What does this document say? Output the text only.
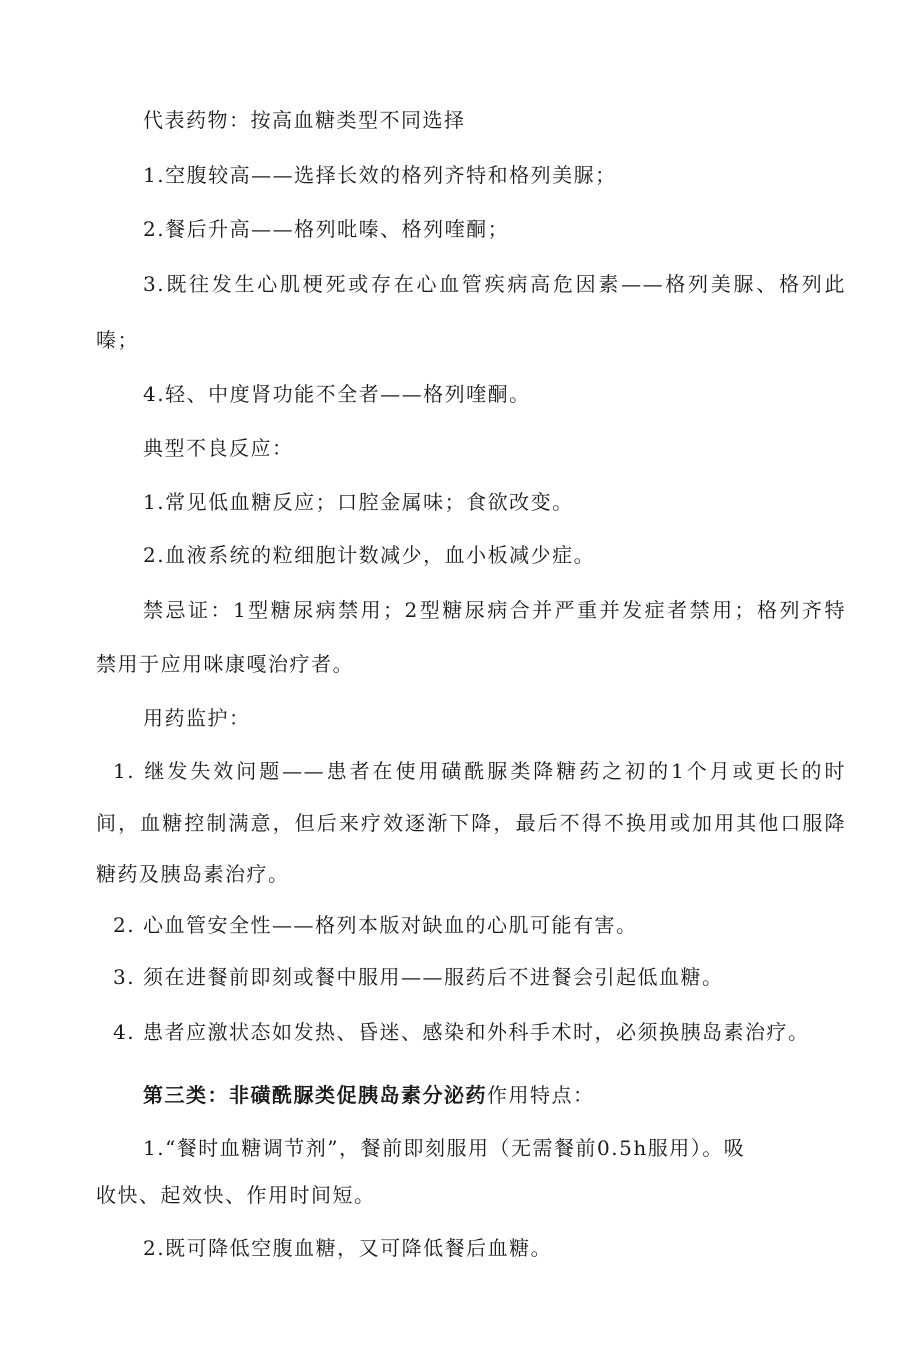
代表药物：按高血糖类型不同选择
1.空腹较高——选择长效的格列齐特和格列美脲；
2.餐后升高——格列吡嗪、格列喹酮；
3.既往发生心肌梗死或存在心血管疾病高危因素——格列美脲、格列此
嗪；
4.轻、中度肾功能不全者——格列喹酮。
典型不良反应：
1.常见低血糖反应；口腔金属味；食欲改变。
2.血液系统的粒细胞计数减少，血小板减少症。
禁忌证：1型糖尿病禁用；2型糖尿病合并严重并发症者禁用；格列齐特
禁用于应用咪康嘎治疗者。
用药监护：
1. 继发失效问题——患者在使用磺酰脲类降糖药之初的1个月或更长的时
间，血糖控制满意，但后来疗效逐渐下降，最后不得不换用或加用其他口服降
糖药及胰岛素治疗。
2. 心血管安全性——格列本版对缺血的心肌可能有害。
3. 须在进餐前即刻或餐中服用——服药后不进餐会引起低血糖。
4. 患者应激状态如发热、昏迷、感染和外科手术时，必须换胰岛素治疗。
第三类：非磺酰脲类促胰岛素分泌药作用特点：
1.“餐时血糖调节剂”，餐前即刻服用（无需餐前0.5h服用）。吸
收快、起效快、作用时间短。
2.既可降低空腹血糖，又可降低餐后血糖。
